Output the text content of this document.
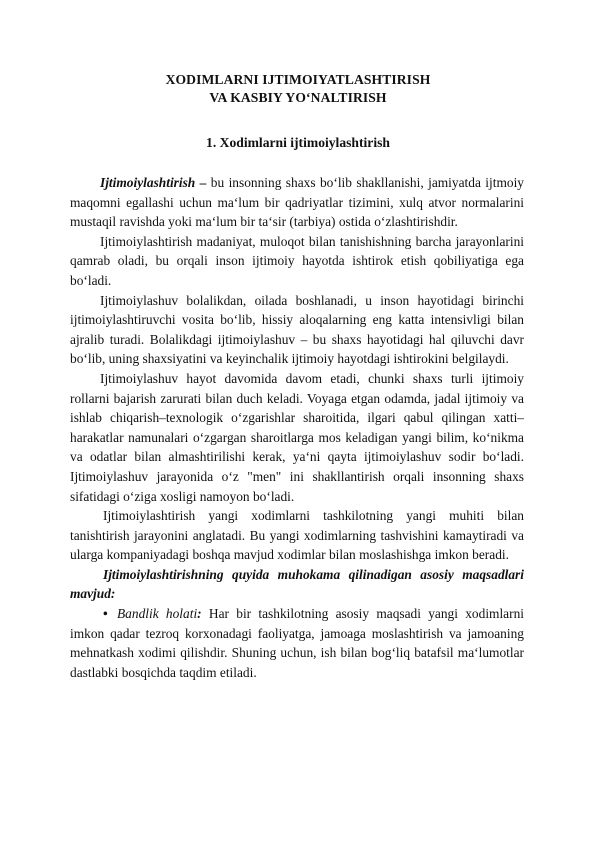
XODIMLARNI IJTIMOIYATLASHTIRISH
VA KASBIY YO‘NALTIRISH
1. Xodimlarni ijtimoiylashtirish

Ijtimoiylashtirish – bu insonning shaxs bo‘lib shakllanishi, jamiyatda ijtmoiy maqomni egallashi uchun ma‘lum bir qadriyatlar tizimini, xulq atvor normalarini mustaqil ravishda yoki ma‘lum bir ta‘sir (tarbiya) ostida o‘zlashtirishdir.

Ijtimoiylashtirish madaniyat, muloqot bilan tanishishning barcha jarayonlarini qamrab oladi, bu orqali inson ijtimoiy hayotda ishtirok etish qobiliyatiga ega bo‘ladi.

Ijtimoiylashuv bolalikdan, oilada boshlanadi, u inson hayotidagi birinchi ijtimoiylashtiruvchi vosita bo‘lib, hissiy aloqalarning eng katta intensivligi bilan ajralib turadi. Bolalikdagi ijtimoiylashuv – bu shaxs hayotidagi hal qiluvchi davr bo‘lib, uning shaxsiyatini va keyinchalik ijtimoiy hayotdagi ishtirokini belgilaydi.

Ijtimoiylashuv hayot davomida davom etadi, chunki shaxs turli ijtimoiy rollarni bajarish zarurati bilan duch keladi. Voyaga etgan odamda, jadal ijtimoiy va ishlab chiqarish–texnologik o‘zgarishlar sharoitida, ilgari qabul qilingan xatti–harakatlar namunalari o‘zgargan sharoitlarga mos keladigan yangi bilim, ko‘nikma va odatlar bilan almashtirilishi kerak, ya‘ni qayta ijtimoiylashuv sodir bo‘ladi. Ijtimoiylashuv jarayonida o‘z "men" ini shakllantirish orqali insonning shaxs sifatidagi o‘ziga xosligi namoyon bo‘ladi.

Ijtimoiylashtirish yangi xodimlarni tashkilotning yangi muhiti bilan tanishtirish jarayonini anglatadi. Bu yangi xodimlarning tashvishini kamaytiradi va ularga kompaniyadagi boshqa mavjud xodimlar bilan moslashishga imkon beradi.

Ijtimoiylashtirishning quyida muhokama qilinadigan asosiy maqsadlari mavjud:

• Bandlik holati: Har bir tashkilotning asosiy maqsadi yangi xodimlarni imkon qadar tezroq korxonadagi faoliyatga, jamoaga moslashtirish va jamoaning mehnatkash xodimi qilishdir. Shuning uchun, ish bilan bog‘liq batafsil ma‘lumotlar dastlabki bosqichda taqdim etiladi.
